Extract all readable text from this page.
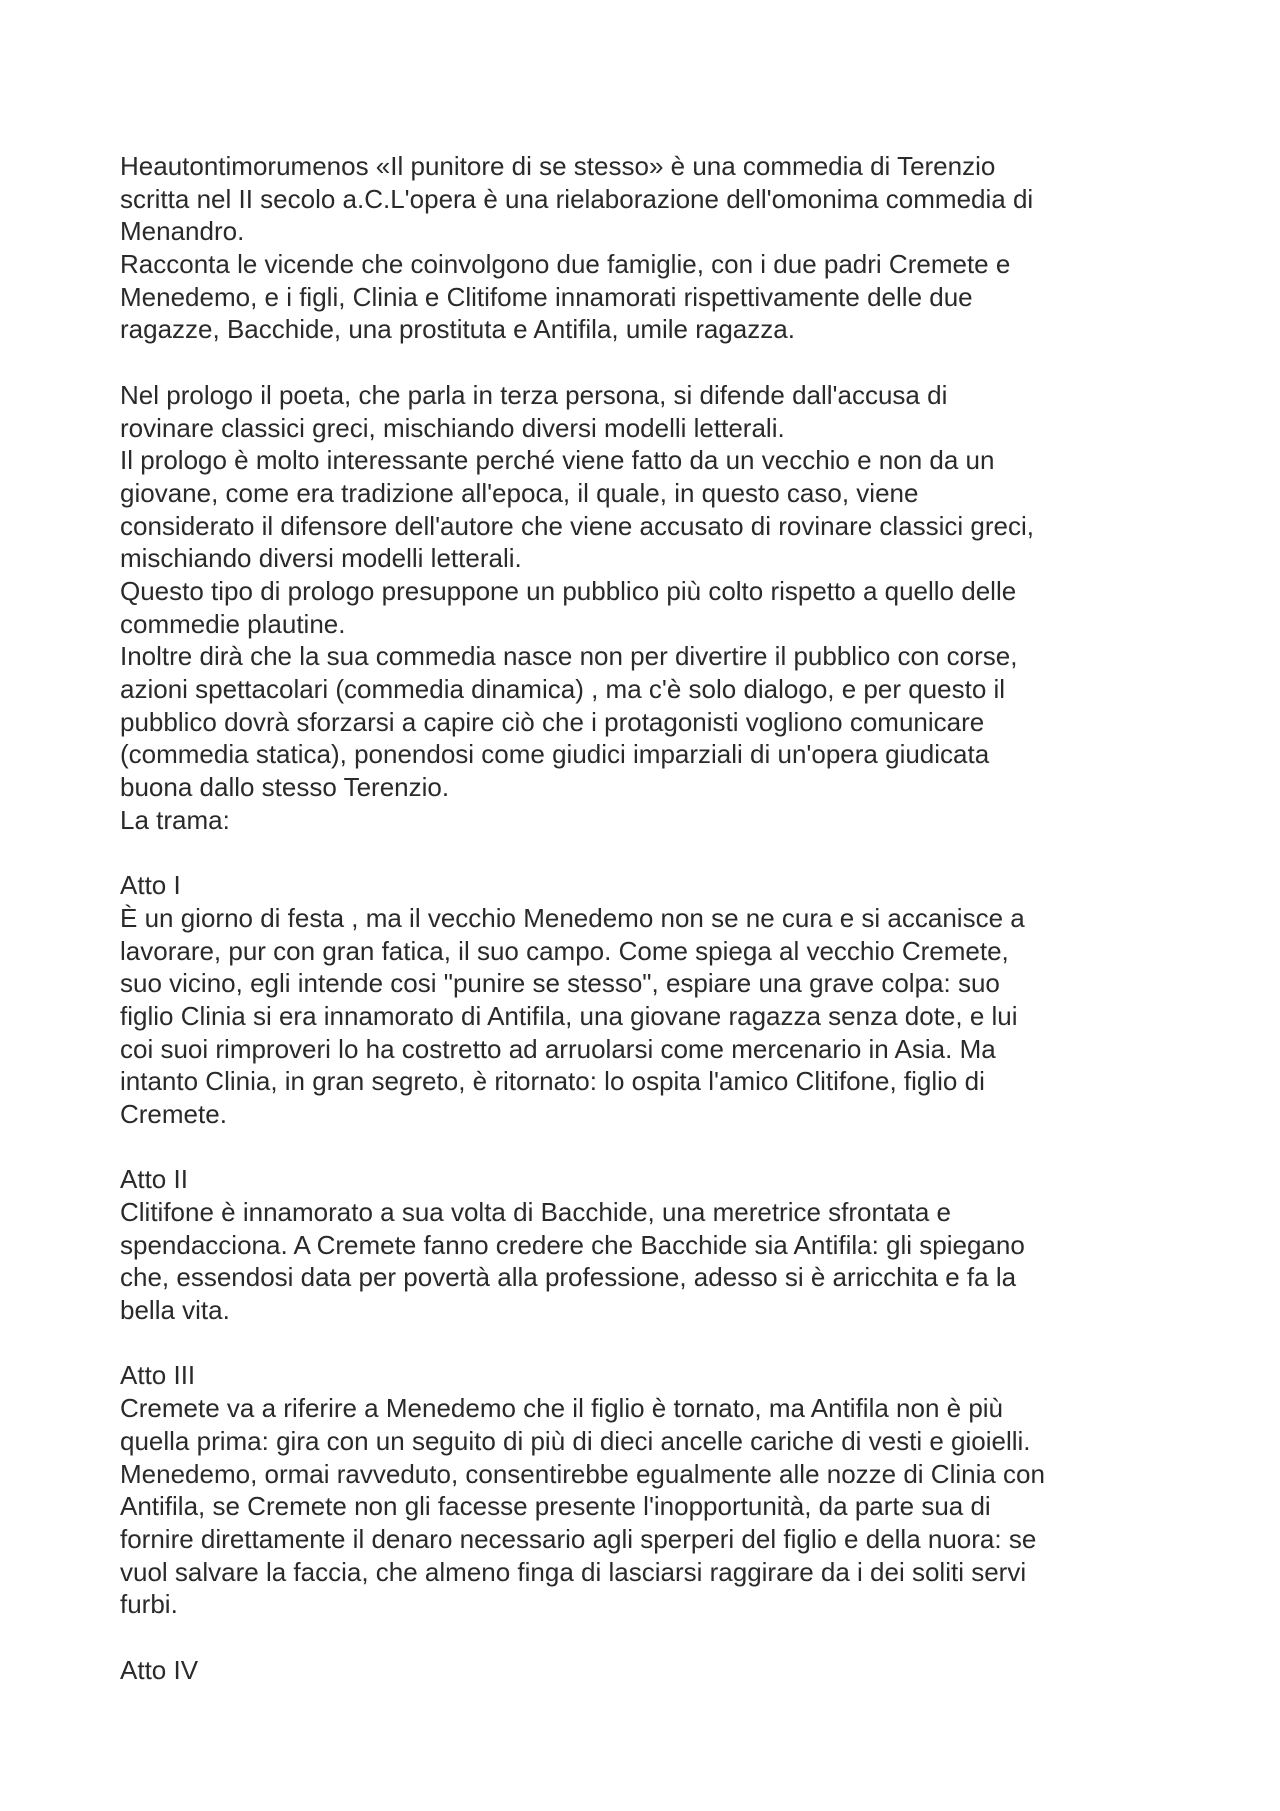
Heautontimorumenos «Il punitore di se stesso» è una commedia di Terenzio
scritta nel II secolo a.C.L'opera è una rielaborazione dell'omonima commedia di
Menandro.
Racconta le vicende che coinvolgono due famiglie, con i due padri Cremete e
Menedemo, e i figli, Clinia e Clitifome innamorati rispettivamente delle due
ragazze, Bacchide, una prostituta e Antifila, umile ragazza.
Nel prologo il poeta, che parla in terza persona, si difende dall'accusa di
rovinare classici greci, mischiando diversi modelli letterali.
Il prologo è molto interessante perché viene fatto da un vecchio e non da un
giovane, come era tradizione all'epoca, il quale, in questo caso, viene
considerato il difensore dell'autore che viene accusato di rovinare classici greci,
mischiando diversi modelli letterali.
Questo tipo di prologo presuppone un pubblico più colto rispetto a quello delle
commedie plautine.
Inoltre dirà che la sua commedia nasce non per divertire il pubblico con corse,
azioni spettacolari (commedia dinamica) , ma c'è solo dialogo, e per questo il
pubblico dovrà sforzarsi a capire ciò che i protagonisti vogliono comunicare
(commedia statica), ponendosi come giudici imparziali di un'opera giudicata
buona dallo stesso Terenzio.
La trama:
Atto I
È un giorno di festa , ma il vecchio Menedemo non se ne cura e si accanisce a
lavorare, pur con gran fatica, il suo campo. Come spiega al vecchio Cremete,
suo vicino, egli intende cosi "punire se stesso", espiare una grave colpa: suo
figlio Clinia si era innamorato di Antifila, una giovane ragazza senza dote, e lui
coi suoi rimproveri lo ha costretto ad arruolarsi come mercenario in Asia. Ma
intanto Clinia, in gran segreto, è ritornato: lo ospita l'amico Clitifone, figlio di
Cremete.
Atto II
Clitifone è innamorato a sua volta di Bacchide, una meretrice sfrontata e
spendacciona. A Cremete fanno credere che Bacchide sia Antifila: gli spiegano
che, essendosi data per povertà alla professione, adesso si è arricchita e fa la
bella vita.
Atto III
Cremete va a riferire a Menedemo che il figlio è tornato, ma Antifila non è più
quella prima: gira con un seguito di più di dieci ancelle cariche di vesti e gioielli.
Menedemo, ormai ravveduto, consentirebbe egualmente alle nozze di Clinia con
Antifila, se Cremete non gli facesse presente l'inopportunità, da parte sua di
fornire direttamente il denaro necessario agli sperperi del figlio e della nuora: se
vuol salvare la faccia, che almeno finga di lasciarsi raggirare da i dei soliti servi
furbi.
Atto IV
